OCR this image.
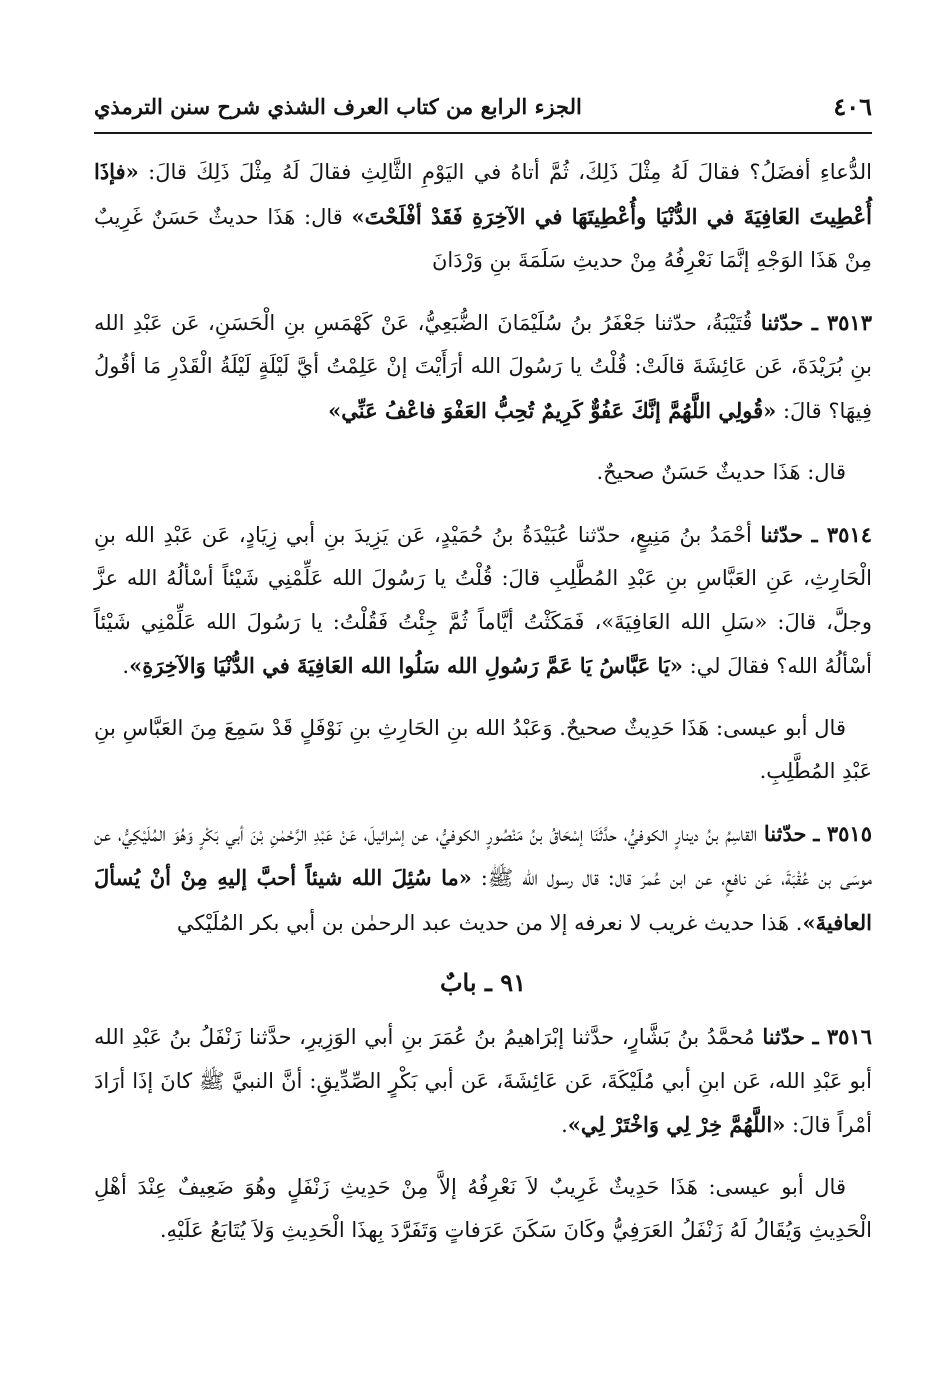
٤٠٦
الجزء الرابع من كتاب العرف الشذي شرح سنن الترمذي

الدُّعاءِ أفضَلُ؟ فقالَ لَهُ مِثْلَ ذَلِكَ، ثُمَّ أتاهُ في اليَوْمِ الثَّالِثِ فقالَ لَهُ مِثْلَ ذَلِكَ قالَ: «فإذَا أُعْطِيتَ العَافِيَةَ في الدُّنْيَا وأُعْطِيتَهَا في الآخِرَةِ فَقَدْ أفْلَحْتَ» قال: هَذَا حديثٌ حَسَنٌ غَرِيبٌ مِنْ هَذَا الوَجْهِ إنَّمَا نَعْرِفُهُ مِنْ حديثِ سَلَمَةَ بنِ وَرْدَانَ

٣٥١٣ ـ حدّثنا قُتَيْبَةُ، حدّثنا جَعْفَرُ بنُ سُلَيْمَانَ الضُّبَعِيُّ، عَنْ كَهْمَسِ بنِ الْحَسَنِ، عَن عَبْدِ الله بنِ بُرَيْدَةَ، عَن عَائِشَةَ قالَتْ: قُلْتُ يا رَسُولَ الله أرَأَيْتَ إنْ عَلِمْتُ أيَّ لَيْلَةٍ لَيْلَةُ الْقَدْرِ مَا أقُولُ فِيهَا؟ قالَ: «قُولِي اللَّهُمَّ إنَّكَ عَفُوٌّ كَرِيمٌ تُحِبُّ العَفْوَ فاعْفُ عَنِّي»

قال: هَذَا حديثٌ حَسَنٌ صحيحٌ.

٣٥١٤ ـ حدّثنا أحْمَدُ بنُ مَنِيعٍ، حدّثنا عُبَيْدَةُ بنُ حُمَيْدٍ، عَن يَزِيدَ بنِ أبي زِيَادٍ، عَن عَبْدِ الله بنِ الْحَارِثِ، عَنِ العَبَّاسِ بنِ عَبْدِ المُطَّلِبِ قالَ: قُلْتُ يا رَسُولَ الله عَلِّمْنِي شَيْئاً أسْألُهُ الله عزَّ وجلَّ، قالَ: «سَلِ الله العَافِيَةَ»، فَمَكَثْتُ أيَّاماً ثُمَّ جِئْتُ فَقُلْتُ: يا رَسُولَ الله عَلِّمْنِي شَيْئاً أسْألُهُ الله؟ فقالَ لي: «يَا عَبَّاسُ يَا عَمَّ رَسُولِ الله سَلُوا الله العَافِيَةَ في الدُّنْيَا وَالآخِرَةِ».

قال أبو عيسى: هَذَا حَدِيثٌ صحيحٌ. وَعَبْدُ الله بنِ الحَارِثِ بنِ نَوْفَلٍ قَدْ سَمِعَ مِنَ العَبَّاسِ بنِ عَبْدِ المُطَّلِبِ.

٣٥١٥ ـ حدّثنا القاسِمُ بنُ دينارٍ الكوفيُّ، حدَّثَنَا إسْحَاقُ بنُ مَنْصُورٍ الكوفيُّ، عن إسْرائيلَ، عَنْ عَبْدِ الرَّحْمٰنِ بْنَ أبي بَكْرٍ وَهُوَ المُلَيْكِيُّ، عن موسَى بن عُقْبَةَ، عَن نافعٍ، عن ابن عُمرَ قال: قال رسول الله ﷺ: «ما سُئِلَ الله شيئاً أحبَّ إليهِ مِنْ أنْ يُسألَ العافيةَ». هَذا حديث غريب لا نعرفه إلا من حديث عبد الرحمٰن بن أبي بكر المُلَيْكي

٩١ ـ بابٌ

٣٥١٦ ـ حدّثنا مُحمَّدُ بنُ بَشَّارٍ، حدَّثنا إبْرَاهيمُ بنُ عُمَرَ بنِ أبي الوَزِيرِ، حدَّثنا زَنْفَلُ بنُ عَبْدِ الله أبو عَبْدِ الله، عَن ابنِ أبي مُلَيْكَةَ، عَن عَائِشَةَ، عَن أبي بَكْرٍ الصِّدِّيقِ: أنَّ النبيَّ ﷺ كانَ إذَا أرَادَ أمْراً قالَ: «اللَّهُمَّ خِرْ لِي وَاخْتَرْ لِي».

قال أبو عيسى: هَذَا حَدِيثٌ غَرِيبٌ لاَ نَعْرِفُهُ إلاَّ مِنْ حَدِيثِ زَنْفَلٍ وهُوَ ضَعِيفٌ عِنْدَ أهْلِ الْحَدِيثِ وَيُقَالُ لَهُ زَنْفَلُ العَرَفِيُّ وكَانَ سَكَنَ عَرَفاتٍ وَتَفَرَّدَ بِهذَا الْحَدِيثِ وَلاَ يُتَابَعُ عَلَيْهِ.
